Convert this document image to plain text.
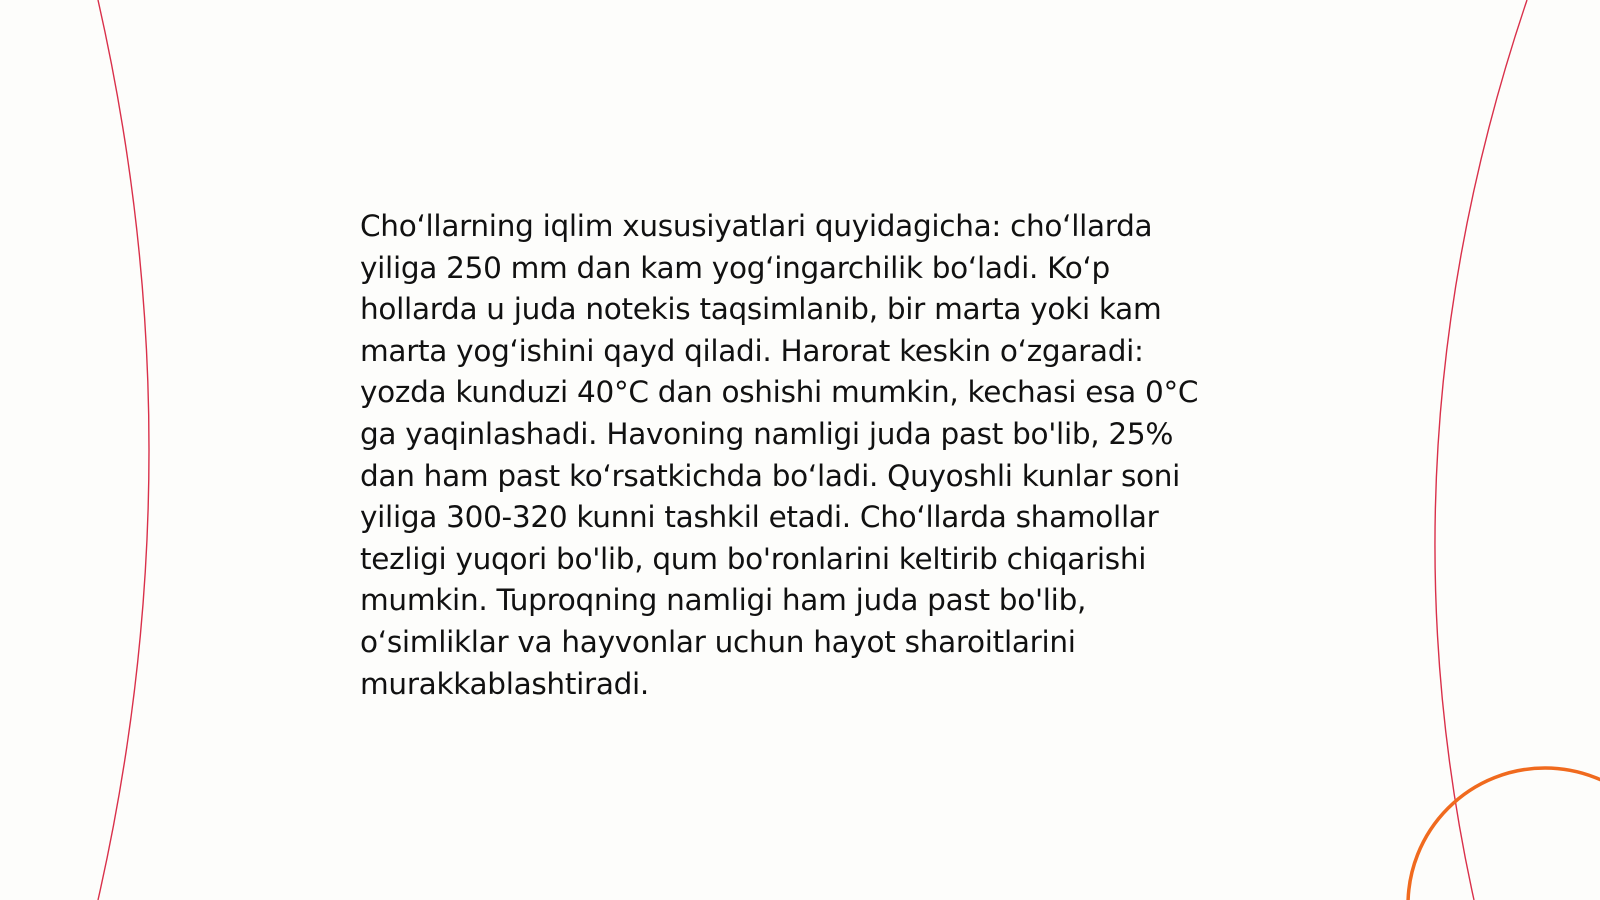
Cho‘llarning iqlim xususiyatlari quyidagicha: cho‘llarda yiliga 250 mm dan kam yog‘ingarchilik bo‘ladi. Ko‘p hollarda u juda notekis taqsimlanib, bir marta yoki kam marta yog‘ishini qayd qiladi. Harorat keskin o‘zgaradi: yozda kunduzi 40°C dan oshishi mumkin, kechasi esa 0°C ga yaqinlashadi. Havoning namligi juda past bo'lib, 25% dan ham past ko‘rsatkichda bo‘ladi. Quyoshli kunlar soni yiliga 300-320 kunni tashkil etadi. Cho‘llarda shamollar tezligi yuqori bo'lib, qum bo'ronlarini keltirib chiqarishi mumkin. Tuproqning namligi ham juda past bo'lib, o‘simliklar va hayvonlar uchun hayot sharoitlarini murakkablashtiradi.
